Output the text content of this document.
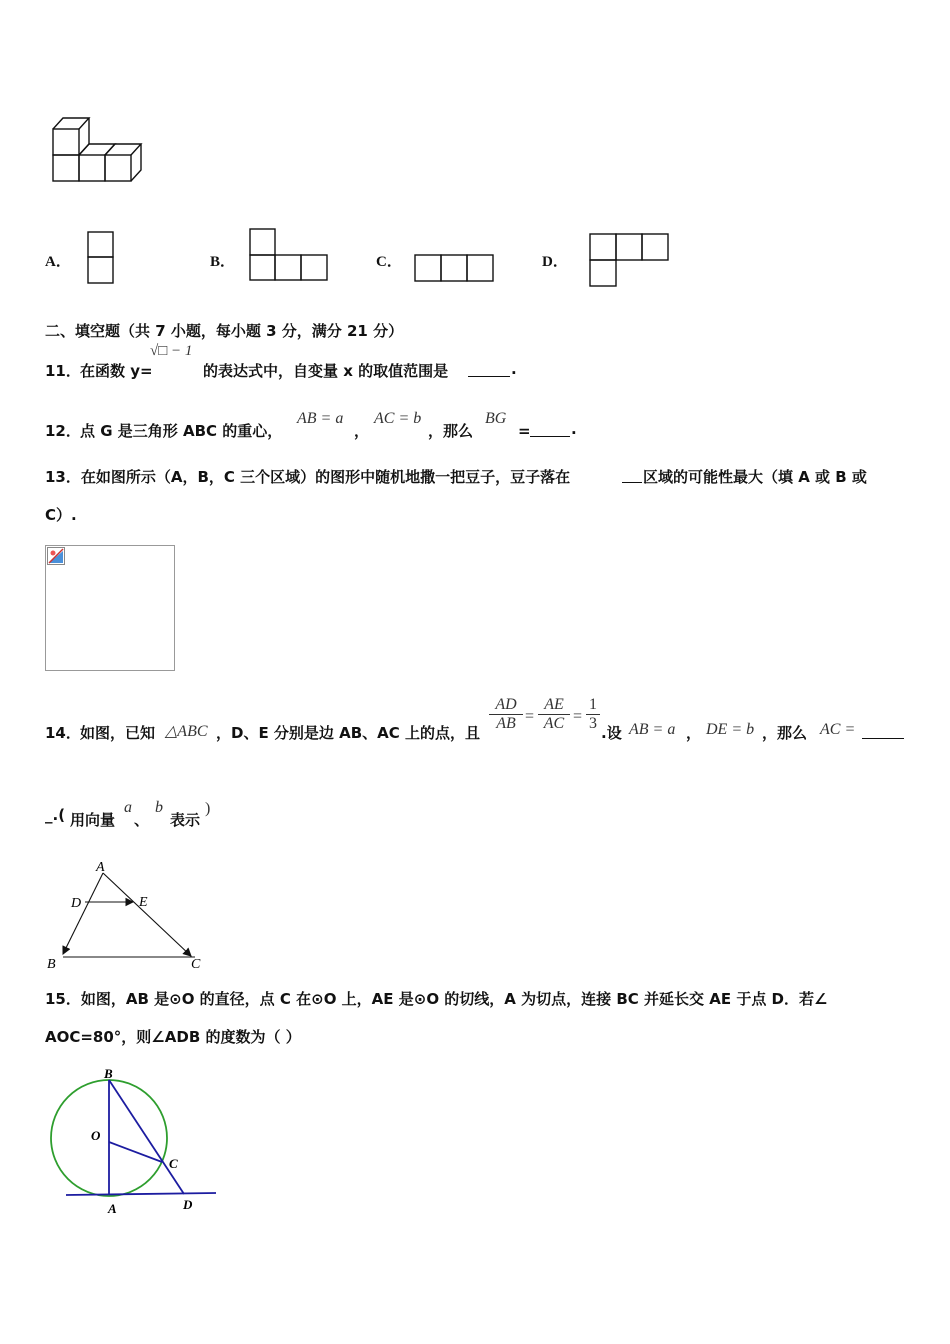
A．	B．	C．	D．
二、填空题（共 7 小题，每小题 3 分，满分 21 分）
11． 在函数 y=
√□ − 1
的表达式中，自变量 x 的取值范围是	.
12． 点 G 是三角形 ABC 的重心，
AB = a
，
AC = b
，那么
BG
=	.
13．在如图所示（A，B，C 三个区域）的图形中随机地撒一把豆子，豆子落在	区域的可能性最大（填 A 或 B 或
C）.
14． 如图，已知 △ABC ，D、E 分别是边 AB、AC 上的点，且
AD
AB =
AE
AC =
1
3
.设 AB = a ， DE = b ，那么 AC =
_.( 用向量
a
、
b
表示
)
A
D	E
B	C
15．如图，AB 是⊙O 的直径，点 C 在⊙O 上，AE 是⊙O 的切线，A 为切点，连接 BC 并延长交 AE 于点 D．若∠
AOC=80°，则∠ADB 的度数为（ ）
B
O
C
A	D
